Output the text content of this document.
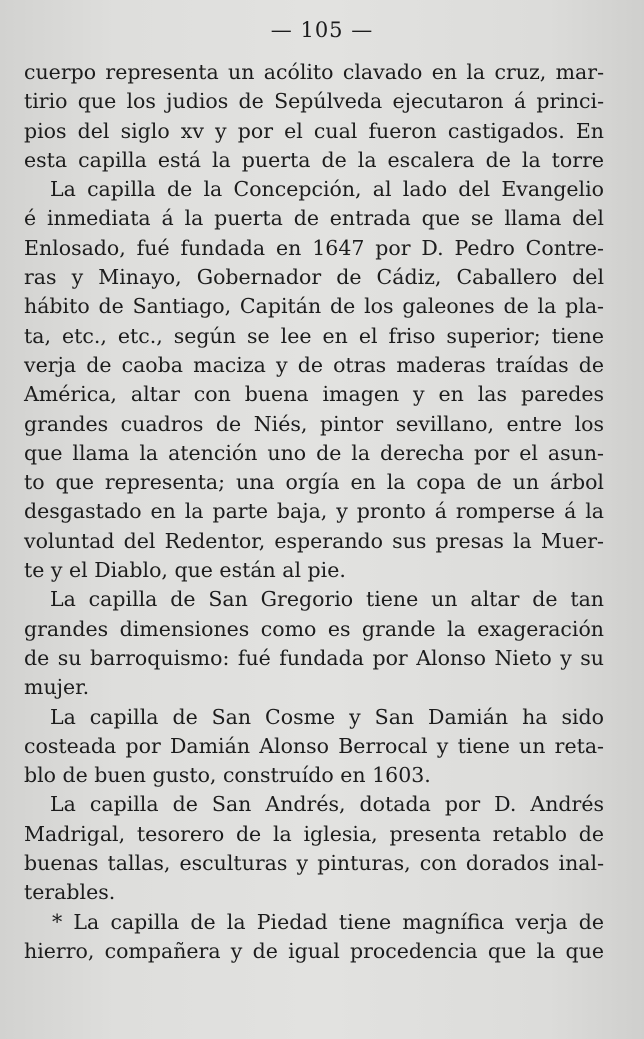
— 105 —
cuerpo representa un acólito clavado en la cruz, mar-
tirio que los judios de Sepúlveda ejecutaron á princi-
pios del siglo xv y por el cual fueron castigados. En
esta capilla está la puerta de la escalera de la torre
La capilla de la Concepción, al lado del Evangelio
é inmediata á la puerta de entrada que se llama del
Enlosado, fué fundada en 1647 por D. Pedro Contre-
ras y Minayo, Gobernador de Cádiz, Caballero del
hábito de Santiago, Capitán de los galeones de la pla-
ta, etc., etc., según se lee en el friso superior; tiene
verja de caoba maciza y de otras maderas traídas de
América, altar con buena imagen y en las paredes
grandes cuadros de Niés, pintor sevillano, entre los
que llama la atención uno de la derecha por el asun-
to que representa; una orgía en la copa de un árbol
desgastado en la parte baja, y pronto á romperse á la
voluntad del Redentor, esperando sus presas la Muer-
te y el Diablo, que están al pie.
La capilla de San Gregorio tiene un altar de tan
grandes dimensiones como es grande la exageración
de su barroquismo: fué fundada por Alonso Nieto y su
mujer.
La capilla de San Cosme y San Damián ha sido
costeada por Damián Alonso Berrocal y tiene un reta-
blo de buen gusto, construído en 1603.
La capilla de San Andrés, dotada por D. Andrés
Madrigal, tesorero de la iglesia, presenta retablo de
buenas tallas, esculturas y pinturas, con dorados inal-
terables.
* La capilla de la Piedad tiene magnífica verja de
hierro, compañera y de igual procedencia que la que
